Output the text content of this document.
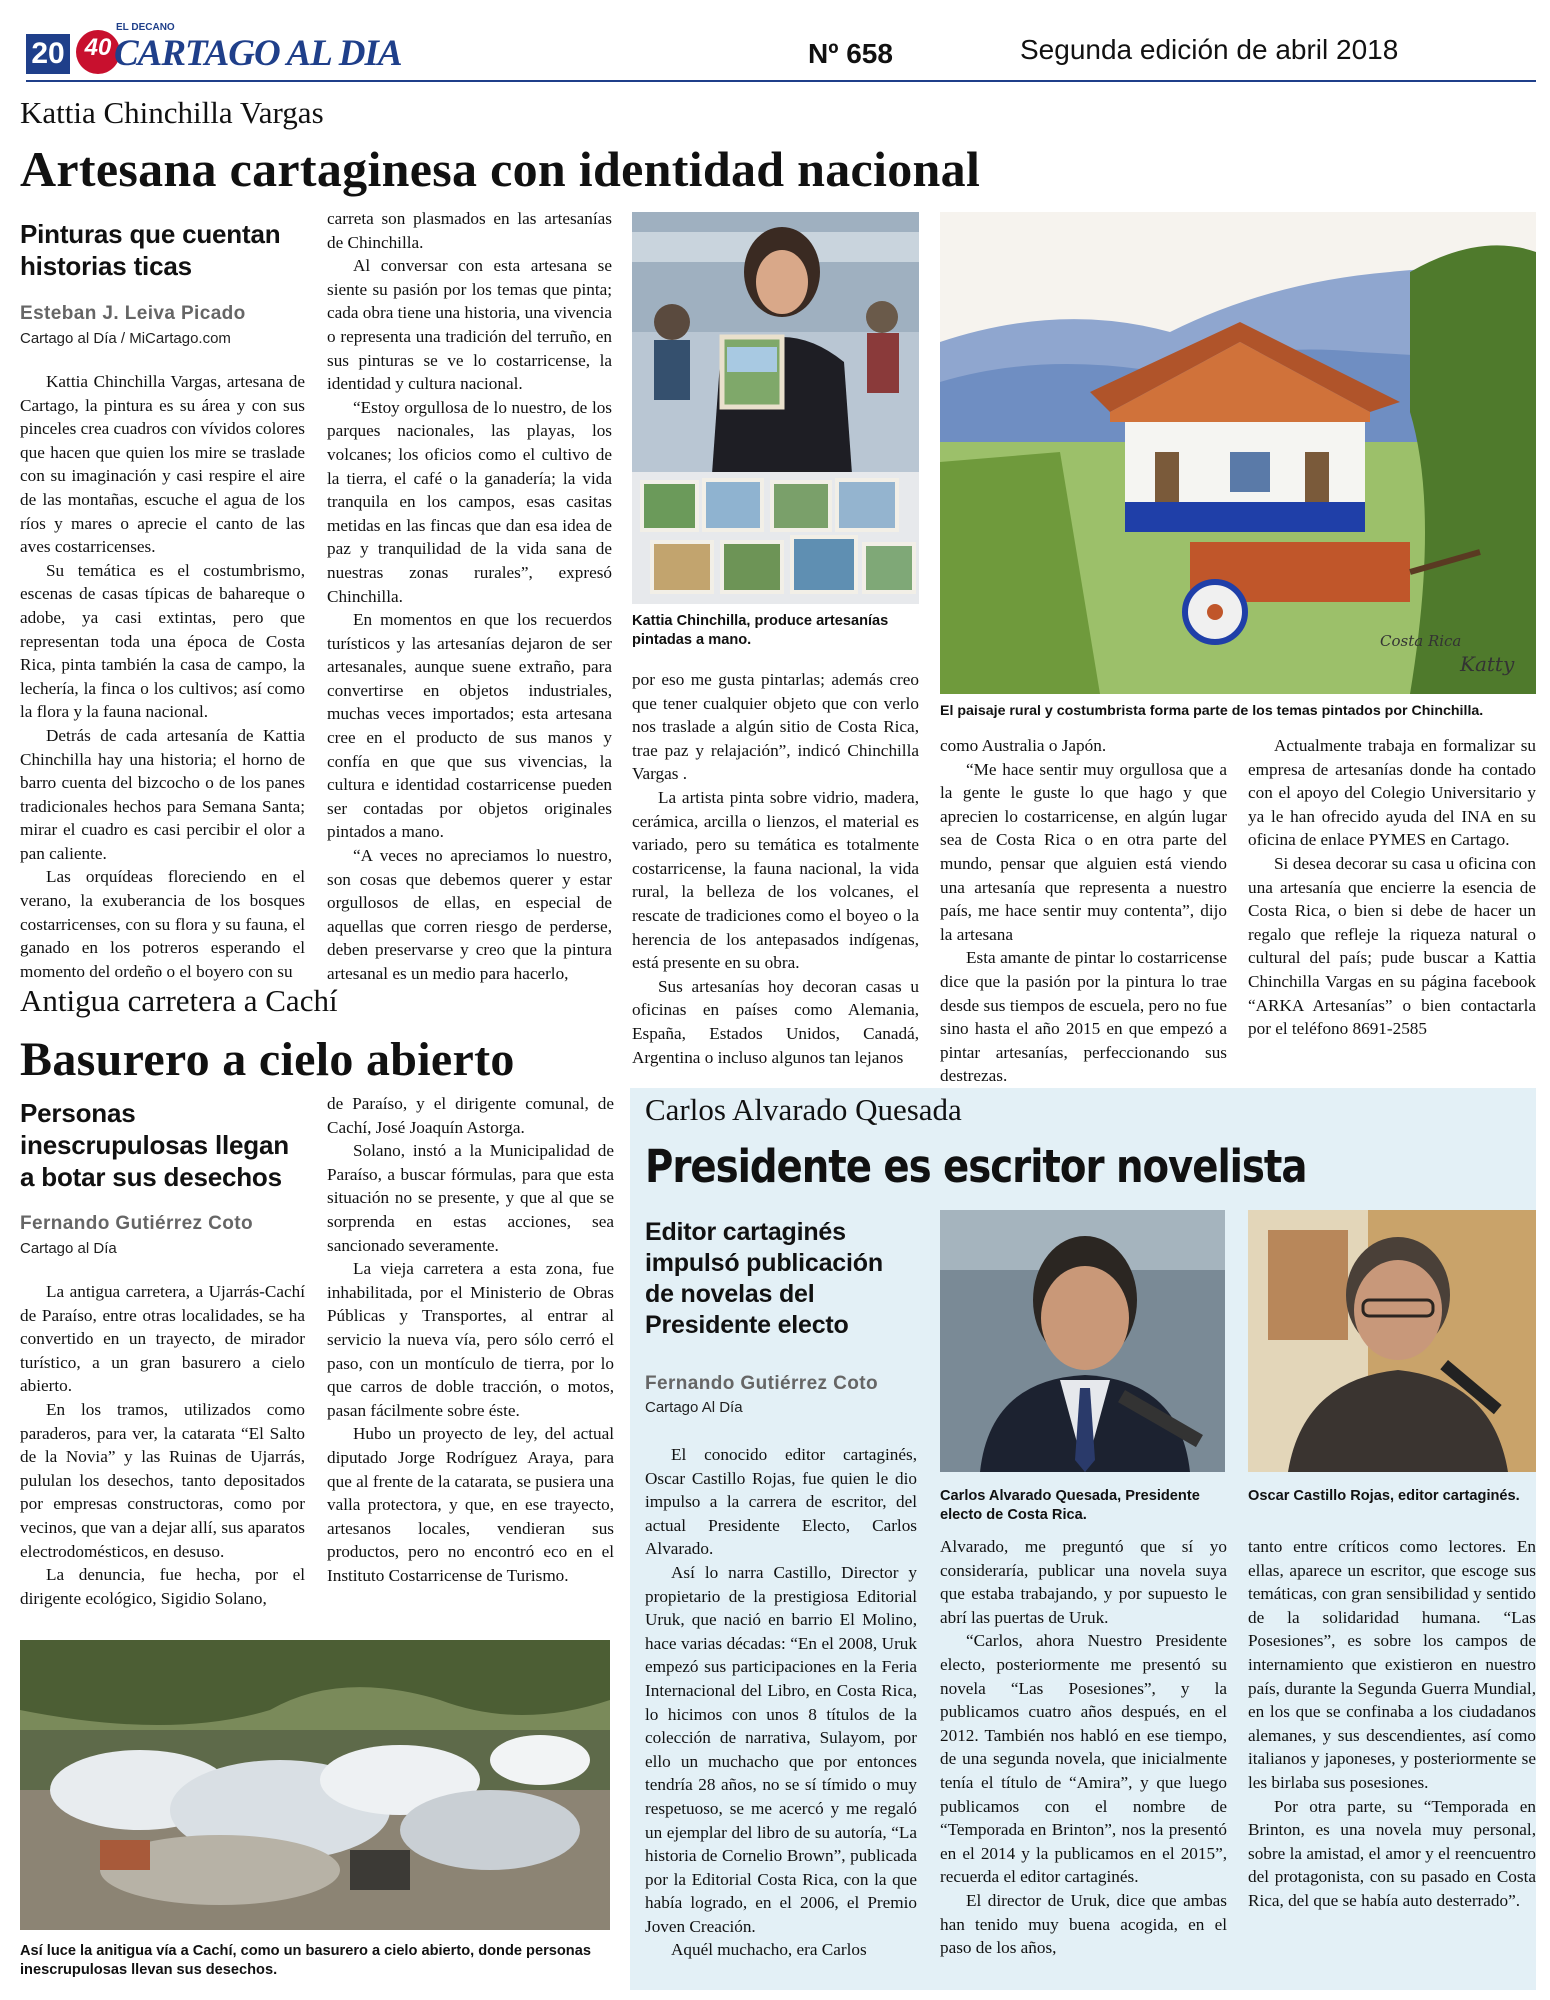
20 40
EL DECANO
CARTAGO AL DIA	Nº 658	Segunda edición de abril 2018
Kattia Chinchilla Vargas
Artesana cartaginesa con identidad nacional
Pinturas que cuentan historias ticas
Esteban J. Leiva Picado
Cartago al Día / MiCartago.com

Kattia Chinchilla Vargas, artesana de Cartago, la pintura es su área y con sus pinceles crea cuadros con vívidos colores que hacen que quien los mire se traslade con su imaginación y casi respire el aire de las montañas, escuche el agua de los ríos y mares o aprecie el canto de las aves costarricenses.

Su temática es el costumbrismo, escenas de casas típicas de bahareque o adobe, ya casi extintas, pero que representan toda una época de Costa Rica, pinta también la casa de campo, la lechería, la finca o los cultivos; así como la flora y la fauna nacional.

Detrás de cada artesanía de Kattia Chinchilla hay una historia; el horno de barro cuenta del bizcocho o de los panes tradicionales hechos para Semana Santa; mirar el cuadro es casi percibir el olor a pan caliente.

Las orquídeas floreciendo en el verano, la exuberancia de los bosques costarricenses, con su flora y su fauna, el ganado en los potreros esperando el momento del ordeño o el boyero con su

carreta son plasmados en las artesanías de Chinchilla.

Al conversar con esta artesana se siente su pasión por los temas que pinta; cada obra tiene una historia, una vivencia o representa una tradición del terruño, en sus pinturas se ve lo costarricense, la identidad y cultura nacional.

“Estoy orgullosa de lo nuestro, de los parques nacionales, las playas, los volcanes; los oficios como el cultivo de la tierra, el café o la ganadería; la vida tranquila en los campos, esas casitas metidas en las fincas que dan esa idea de paz y tranquilidad de la vida sana de nuestras zonas rurales”, expresó Chinchilla.

En momentos en que los recuerdos turísticos y las artesanías dejaron de ser artesanales, aunque suene extraño, para convertirse en objetos industriales, muchas veces importados; esta artesana cree en el producto de sus manos y confía en que que sus vivencias, la cultura e identidad costarricense pueden ser contadas por objetos originales pintados a mano.

“A veces no apreciamos lo nuestro, son cosas que debemos querer y estar orgullosos de ellas, en especial de aquellas que corren riesgo de perderse, deben preservarse y creo que la pintura artesanal es un medio para hacerlo,

Kattia Chinchilla, produce artesanías pintadas a mano.	Costa Rica
Katty
El paisaje rural y costumbrista forma parte de los temas pintados por Chinchilla.

por eso me gusta pintarlas; además creo que tener cualquier objeto que con verlo nos traslade a algún sitio de Costa Rica, trae paz y relajación”, indicó Chinchilla Vargas .

La artista pinta sobre vidrio, madera, cerámica, arcilla o lienzos, el material es variado, pero su temática es totalmente costarricense, la fauna nacional, la vida rural, la belleza de los volcanes, el rescate de tradiciones como el boyeo o la herencia de los antepasados indígenas, está presente en su obra.

Sus artesanías hoy decoran casas u oficinas en países como Alemania, España, Estados Unidos, Canadá, Argentina o incluso algunos tan lejanos

como Australia o Japón.

“Me hace sentir muy orgullosa que a la gente le guste lo que hago y que aprecien lo costarricense, en algún lugar sea de Costa Rica o en otra parte del mundo, pensar que alguien está viendo una artesanía que representa a nuestro país, me hace sentir muy contenta”, dijo la artesana

Esta amante de pintar lo costarricense dice que la pasión por la pintura lo trae desde sus tiempos de escuela, pero no fue sino hasta el año 2015 en que empezó a pintar artesanías, perfeccionando sus destrezas.

Actualmente trabaja en formalizar su empresa de artesanías donde ha contado con el apoyo del Colegio Universitario y ya le han ofrecido ayuda del INA en su oficina de enlace PYMES en Cartago.

Si desea decorar su casa u oficina con una artesanía que encierre la esencia de Costa Rica, o bien si debe de hacer un regalo que refleje la riqueza natural o cultural del país; pude buscar a Kattia Chinchilla Vargas en su página facebook “ARKA Artesanías” o bien contactarla por el teléfono 8691-2585

Antigua carretera a Cachí
Basurero a cielo abierto
Personas inescrupulosas llegan a botar sus desechos
Fernando Gutiérrez Coto
Cartago al Día

La antigua carretera, a Ujarrás-Cachí de Paraíso, entre otras localidades, se ha convertido en un trayecto, de mirador turístico, a un gran basurero a cielo abierto.

En los tramos, utilizados como paraderos, para ver, la catarata “El Salto de la Novia” y las Ruinas de Ujarrás, pululan los desechos, tanto depositados por empresas constructoras, como por vecinos, que van a dejar allí, sus aparatos electrodomésticos, en desuso.

La denuncia, fue hecha, por el dirigente ecológico, Sigidio Solano,

de Paraíso, y el dirigente comunal, de Cachí, José Joaquín Astorga.

Solano, instó a la Municipalidad de Paraíso, a buscar fórmulas, para que esta situación no se presente, y que al que se sorprenda en estas acciones, sea sancionado severamente.

La vieja carretera a esta zona, fue inhabilitada, por el Ministerio de Obras Públicas y Transportes, al entrar al servicio la nueva vía, pero sólo cerró el paso, con un montículo de tierra, por lo que carros de doble tracción, o motos, pasan fácilmente sobre éste.

Hubo un proyecto de ley, del actual diputado Jorge Rodríguez Araya, para que al frente de la catarata, se pusiera una valla protectora, y que, en ese trayecto, artesanos locales, vendieran sus productos, pero no encontró eco en el Instituto Costarricense de Turismo.

Así luce la anitigua vía a Cachí, como un basurero a cielo abierto, donde personas inescrupulosas llevan sus desechos.
Carlos Alvarado Quesada
Presidente es escritor novelista
Editor cartaginés impulsó publicación de novelas del Presidente electo
Fernando Gutiérrez Coto
Cartago Al Día

El conocido editor cartaginés, Oscar Castillo Rojas, fue quien le dio impulso a la carrera de escritor, del actual Presidente Electo, Carlos Alvarado.

Así lo narra Castillo, Director y propietario de la prestigiosa Editorial Uruk, que nació en barrio El Molino, hace varias décadas: “En el 2008, Uruk empezó sus participaciones en la Feria Internacional del Libro, en Costa Rica, lo hicimos con unos 8 títulos de la colección de narrativa, Sulayom, por ello un muchacho que por entonces tendría 28 años, no se sí tímido o muy respetuoso, se me acercó y me regaló un ejemplar del libro de su autoría, “La historia de Cornelio Brown”, publicada por la Editorial Costa Rica, con la que había logrado, en el 2006, el Premio Joven Creación.

Aquél muchacho, era Carlos

Carlos Alvarado Quesada, Presidente electo de Costa Rica.
Oscar Castillo Rojas, editor cartaginés.

Alvarado, me preguntó que sí yo consideraría, publicar una novela suya que estaba trabajando, y por supuesto le abrí las puertas de Uruk.

“Carlos, ahora Nuestro Presidente electo, posteriormente me presentó su novela “Las Posesiones”, y la publicamos cuatro años después, en el 2012. También nos habló en ese tiempo, de una segunda novela, que inicialmente tenía el título de “Amira”, y que luego publicamos con el nombre de “Temporada en Brinton”, nos la presentó en el 2014 y la publicamos en el 2015”, recuerda el editor cartaginés.

El director de Uruk, dice que ambas han tenido muy buena acogida, en el paso de los años,

tanto entre críticos como lectores. En ellas, aparece un escritor, que escoge sus temáticas, con gran sensibilidad y sentido de la solidaridad humana. “Las Posesiones”, es sobre los campos de internamiento que existieron en nuestro país, durante la Segunda Guerra Mundial, en los que se confinaba a los ciudadanos alemanes, y sus descendientes, así como italianos y japoneses, y posteriormente se les birlaba sus posesiones.

Por otra parte, su “Temporada en Brinton, es una novela muy personal, sobre la amistad, el amor y el reencuentro del protagonista, con su pasado en Costa Rica, del que se había auto desterrado”.
